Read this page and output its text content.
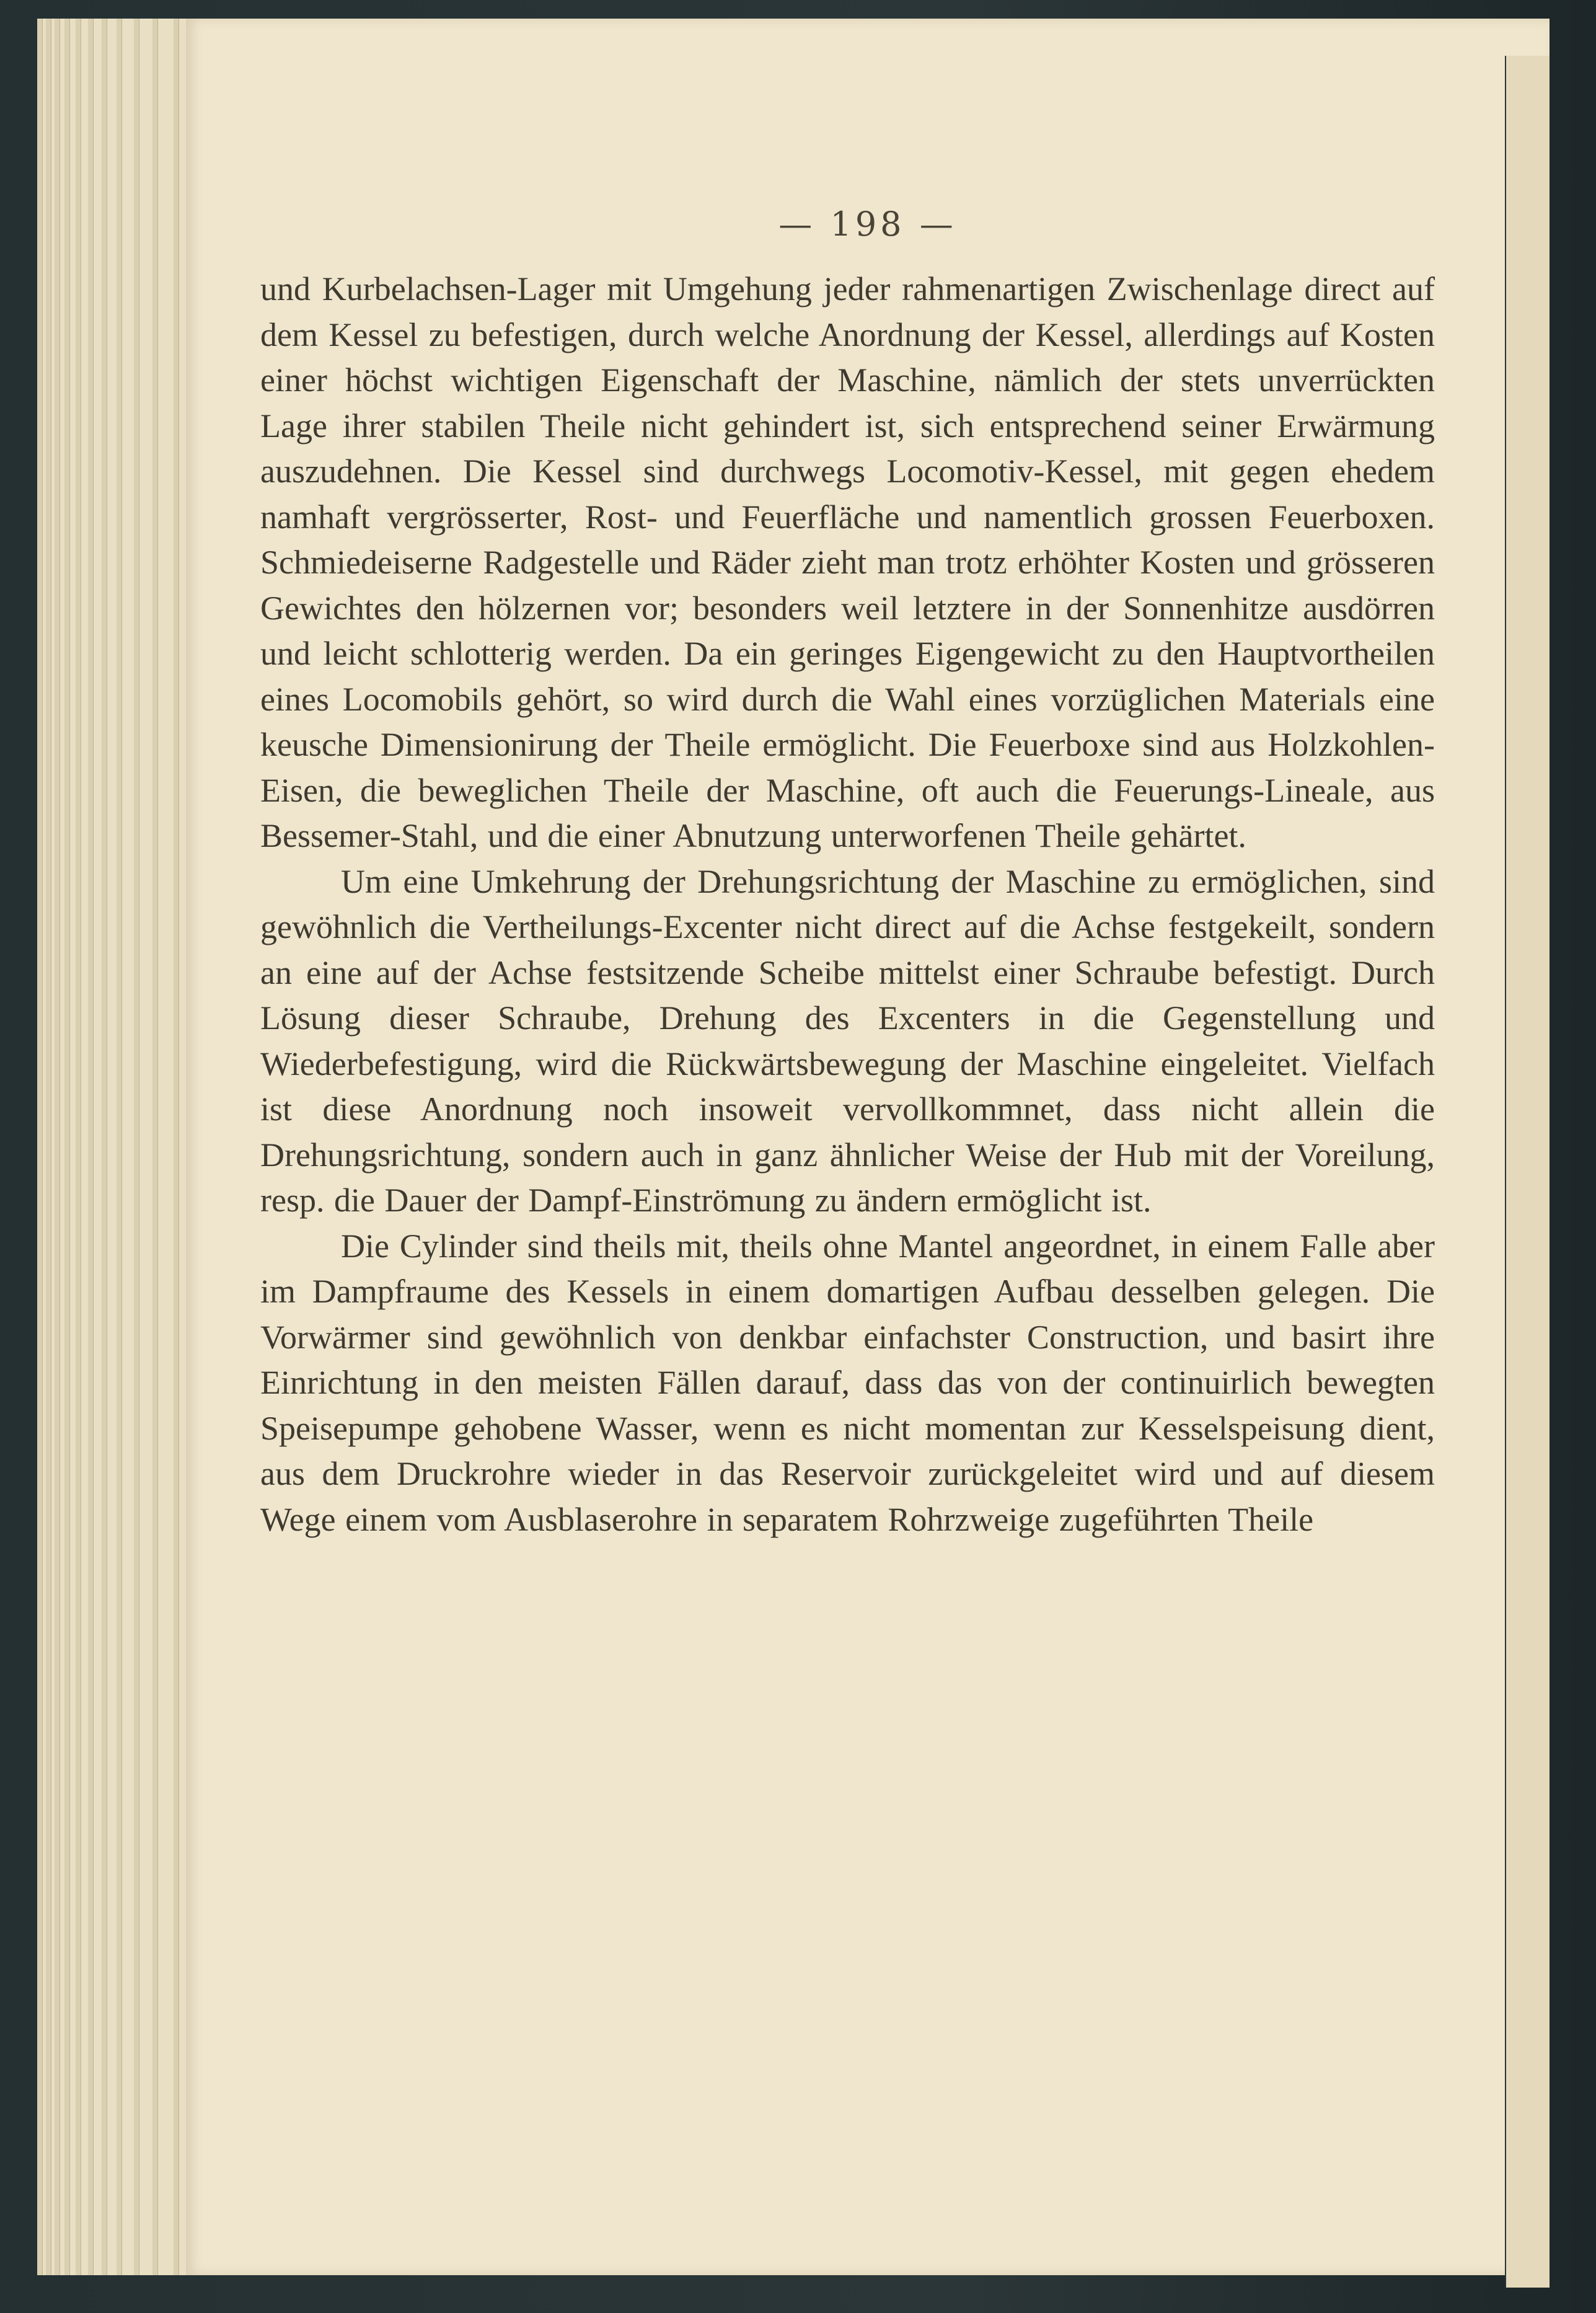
— 198 —

und Kurbelachsen-Lager mit Umgehung jeder rahmenartigen Zwischenlage direct auf dem Kessel zu befestigen, durch welche Anordnung der Kessel, allerdings auf Kosten einer höchst wichtigen Eigenschaft der Maschine, nämlich der stets unverrückten Lage ihrer stabilen Theile nicht gehindert ist, sich entsprechend seiner Erwärmung auszudehnen. Die Kessel sind durchwegs Locomotiv-Kessel, mit gegen ehedem namhaft vergrösserter, Rost- und Feuerfläche und namentlich grossen Feuerboxen. Schmiedeiserne Radgestelle und Räder zieht man trotz erhöhter Kosten und grösseren Gewichtes den hölzernen vor; besonders weil letztere in der Sonnenhitze ausdörren und leicht schlotterig werden. Da ein geringes Eigengewicht zu den Hauptvortheilen eines Locomobils gehört, so wird durch die Wahl eines vorzüglichen Materials eine keusche Dimensionirung der Theile ermöglicht. Die Feuerboxe sind aus Holzkohlen-Eisen, die beweglichen Theile der Maschine, oft auch die Feuerungs-Lineale, aus Bessemer-Stahl, und die einer Abnutzung unterworfenen Theile gehärtet.

Um eine Umkehrung der Drehungsrichtung der Maschine zu ermöglichen, sind gewöhnlich die Vertheilungs-Excenter nicht direct auf die Achse festgekeilt, sondern an eine auf der Achse festsitzende Scheibe mittelst einer Schraube befestigt. Durch Lösung dieser Schraube, Drehung des Excenters in die Gegenstellung und Wiederbefestigung, wird die Rückwärtsbewegung der Maschine eingeleitet. Vielfach ist diese Anordnung noch insoweit vervollkommnet, dass nicht allein die Drehungsrichtung, sondern auch in ganz ähnlicher Weise der Hub mit der Voreilung, resp. die Dauer der Dampf-Einströmung zu ändern ermöglicht ist.

Die Cylinder sind theils mit, theils ohne Mantel angeordnet, in einem Falle aber im Dampfraume des Kessels in einem domartigen Aufbau desselben gelegen. Die Vorwärmer sind gewöhnlich von denkbar einfachster Construction, und basirt ihre Einrichtung in den meisten Fällen darauf, dass das von der continuirlich bewegten Speisepumpe gehobene Wasser, wenn es nicht momentan zur Kesselspeisung dient, aus dem Druckrohre wieder in das Reservoir zurückgeleitet wird und auf diesem Wege einem vom Ausblaserohre in separatem Rohrzweige zugeführten Theile
